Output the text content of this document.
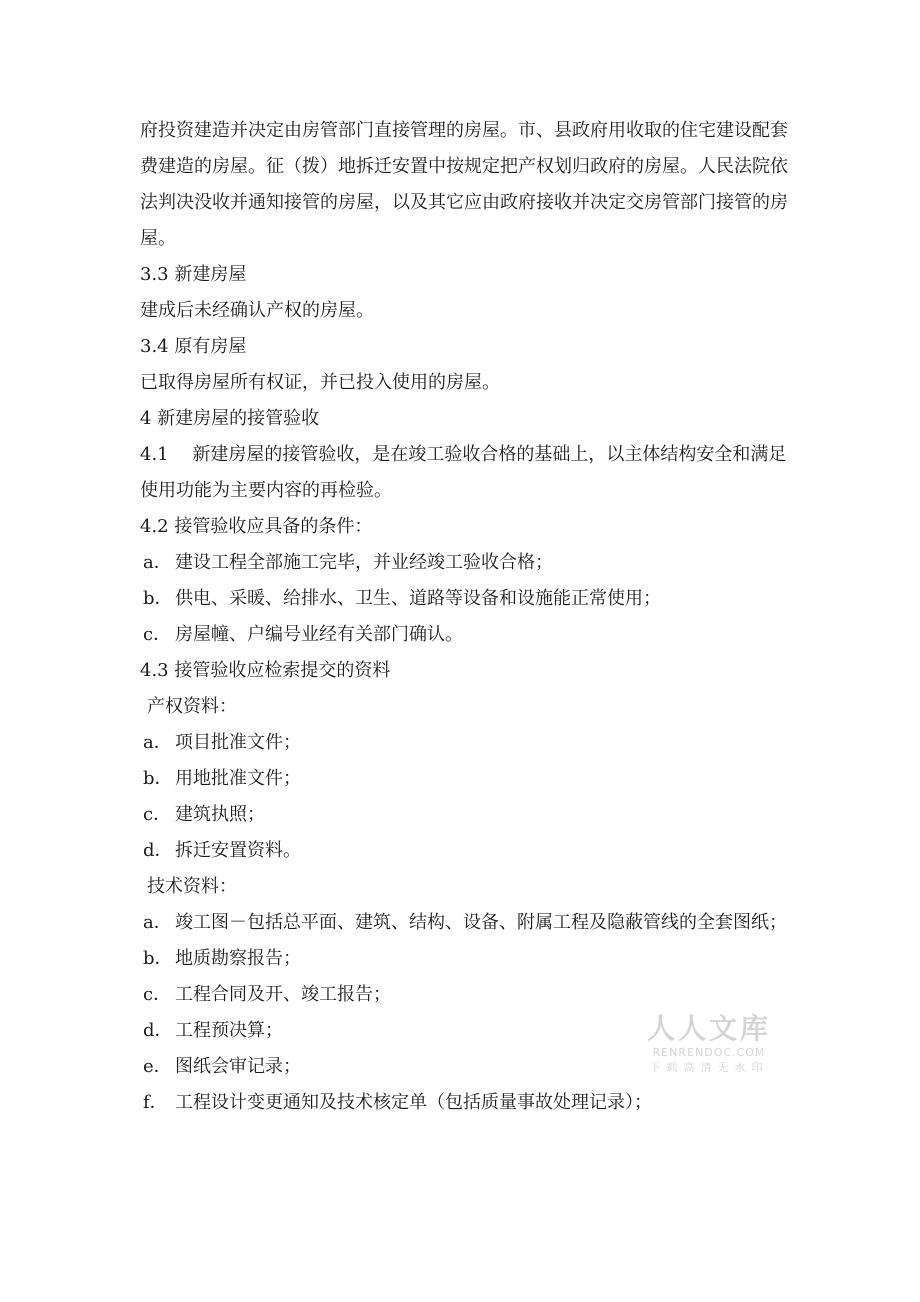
府投资建造并决定由房管部门直接管理的房屋。市、县政府用收取的住宅建设配套费建造的房屋。征（拨）地拆迁安置中按规定把产权划归政府的房屋。人民法院依法判决没收并通知接管的房屋，以及其它应由政府接收并决定交房管部门接管的房屋。

3.3 新建房屋

建成后未经确认产权的房屋。

3.4 原有房屋

已取得房屋所有权证，并已投入使用的房屋。

4 新建房屋的接管验收

4.1　 新建房屋的接管验收，是在竣工验收合格的基础上，以主体结构安全和满足使用功能为主要内容的再检验。

4.2 接管验收应具备的条件：

a． 建设工程全部施工完毕，并业经竣工验收合格；

b． 供电、采暖、给排水、卫生、道路等设备和设施能正常使用；

c． 房屋幢、户编号业经有关部门确认。

4.3 接管验收应检索提交的资料

产权资料：

a． 项目批准文件；

b． 用地批准文件；

c． 建筑执照；

d． 拆迁安置资料。

技术资料：

a． 竣工图－包括总平面、建筑、结构、设备、附属工程及隐蔽管线的全套图纸；

b． 地质勘察报告；

c． 工程合同及开、竣工报告；

d． 工程预决算；

e． 图纸会审记录；

f． 工程设计变更通知及技术核定单（包括质量事故处理记录）；

人人文库
RENRENDOC.COM
下载高清无水印
